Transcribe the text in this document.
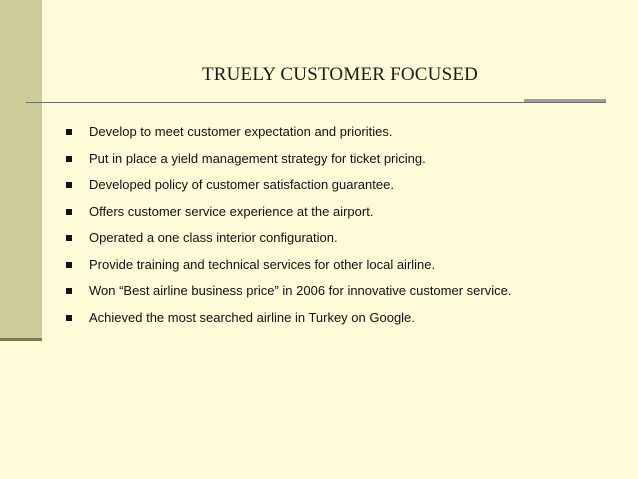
TRUELY CUSTOMER FOCUSED
Develop to meet customer expectation and priorities.
Put in place a yield management strategy for ticket pricing.
Developed policy of customer satisfaction guarantee.
Offers customer service experience at the airport.
Operated a one class interior configuration.
Provide training and technical services for other local airline.
Won “Best airline business price” in 2006 for innovative customer service.
Achieved the most searched airline in Turkey on Google.
